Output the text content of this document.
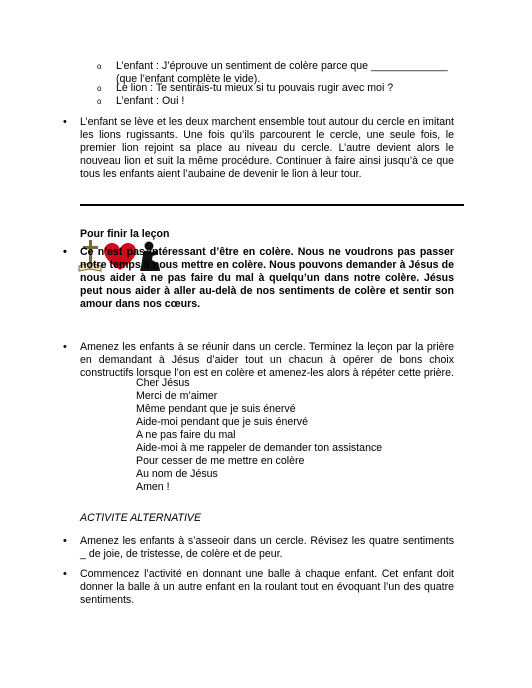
o L’enfant : J’éprouve un sentiment de colère parce que _____________
(que l’enfant complète le vide).
o Le lion : Te sentirais-tu mieux si tu pouvais rugir avec moi ?
o L’enfant : Oui !
• L’enfant se lève et les deux marchent ensemble tout autour du cercle en imitant les lions rugissants. Une fois qu’ils parcourent le cercle, une seule fois, le premier lion rejoint sa place au niveau du cercle. L’autre devient alors le nouveau lion et suit la même procédure. Continuer à faire ainsi jusqu’à ce que tous les enfants aient l’aubaine de devenir le lion à leur tour.
Pour finir la leçon
• Ce n’est pas intéressant d’être en colère. Nous ne voudrons pas passer notre temps à nous mettre en colère. Nous pouvons demander à Jésus de nous aider à ne pas faire du mal à quelqu’un dans notre colère. Jésus peut nous aider à aller au-delà de nos sentiments de colère et sentir son amour dans nos cœurs.
• Amenez les enfants à se réunir dans un cercle. Terminez la leçon par la prière en demandant à Jésus d’aider tout un chacun à opérer de bons choix constructifs lorsque l’on est en colère et amenez-les alors à répéter cette prière.
Cher Jésus
Merci de m’aimer
Même pendant que je suis énervé
Aide-moi pendant que je suis énervé
A ne pas faire du mal
Aide-moi à me rappeler de demander ton assistance
Pour cesser de me mettre en colère
Au nom de Jésus
Amen !
ACTIVITE ALTERNATIVE
• Amenez les enfants à s’asseoir dans un cercle. Révisez les quatre sentiments _ de joie, de tristesse, de colère et de peur.
• Commencez l’activité en donnant une balle à chaque enfant. Cet enfant doit donner la balle à un autre enfant en la roulant tout en évoquant l’un des quatre sentiments.
